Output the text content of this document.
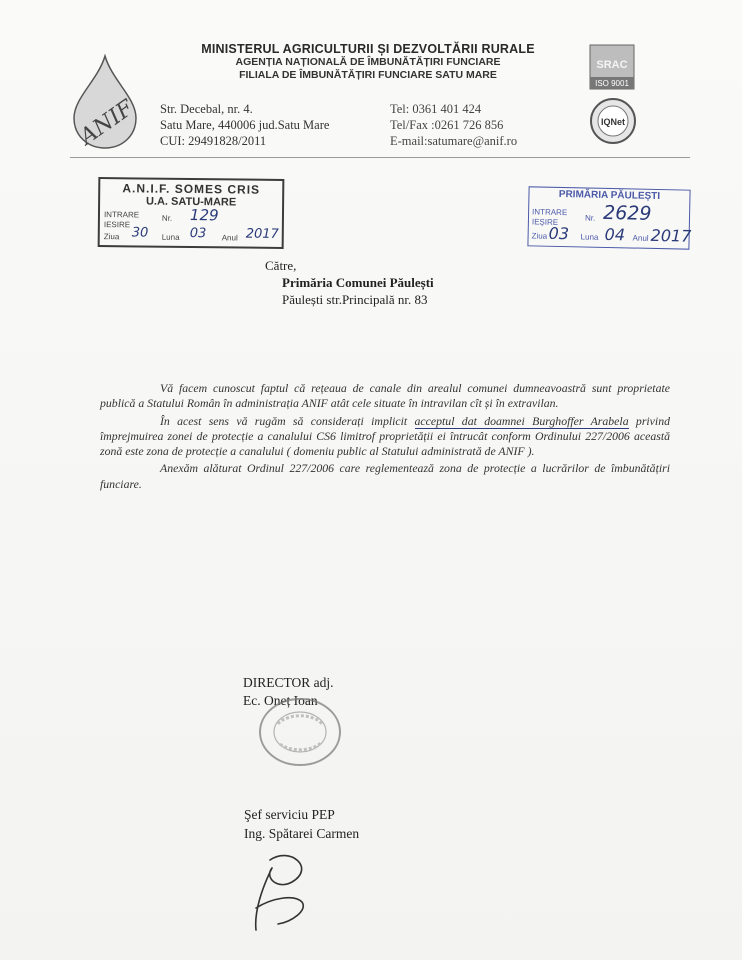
ANIF
MINISTERUL AGRICULTURII ȘI DEZVOLTĂRII RURALE
AGENȚIA NAȚIONALĂ DE ÎMBUNĂTĂȚIRI FUNCIARE
FILIALA DE ÎMBUNĂTĂȚIRI FUNCIARE SATU MARE
Str. Decebal, nr. 4.
Satu Mare, 440006 jud.Satu Mare
CUI: 29491828/2011
Tel: 0361 401 424
Tel/Fax :0261 726 856
E-mail:satumare@anif.ro
SRAC
ISO 9001
IQNet
A.N.I.F. SOMES CRIS
U.A. SATU-MARE
INTRARE
IESIRE
Nr. 129
Ziua 30 Luna 03 Anul 2017
PRIMĂRIA PĂULEȘTI
INTRARE
IEȘIRE	Nr. 2629
Ziua 03 Luna 04 Anul 2017
Către,
Primăria Comunei Păulești
Păulești str.Principală nr. 83

Vă facem cunoscut faptul că rețeaua de canale din arealul comunei dumneavoastră sunt proprietate publică a Statului Român în administrația ANIF atât cele situate în intravilan cît și în extravilan.

În acest sens vă rugăm să considerați implicit acceptul dat doamnei Burghoffer Arabela privind împrejmuirea zonei de protecție a canalului CS6 limitrof proprietății ei întrucât conform Ordinului 227/2006 această zonă este zona de protecție a canalului ( domeniu public al Statului administrată de ANIF ).

Anexăm alăturat Ordinul 227/2006 care reglementează zona de protecție a lucrărilor de îmbunătățiri funciare.

DIRECTOR adj.
Ec. Oneț Ioan
Şef serviciu PEP
Ing. Spătarei Carmen
